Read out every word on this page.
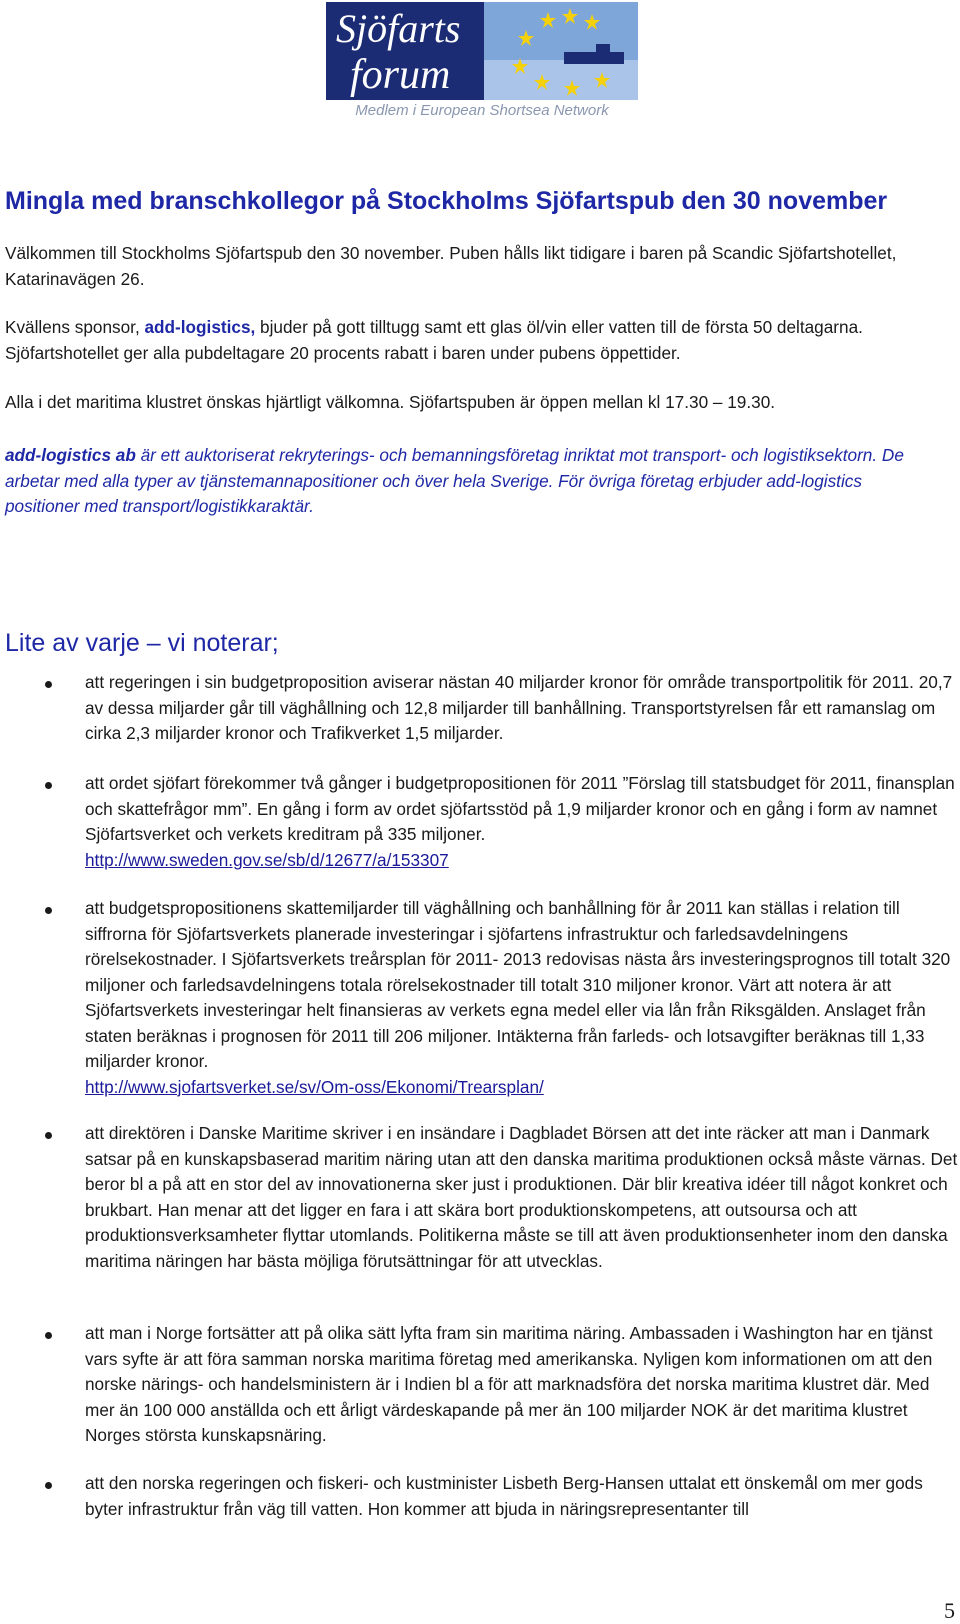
Sjöfarts
forum
Medlem i European Shortsea Network
Mingla med branschkollegor på Stockholms Sjöfartspub den 30 november

Välkommen till Stockholms Sjöfartspub den 30 november. Puben hålls likt tidigare i baren på Scandic Sjöfartshotellet, Katarinavägen 26.

Kvällens sponsor, add-logistics, bjuder på gott tilltugg samt ett glas öl/vin eller vatten till de första 50 deltagarna. Sjöfartshotellet ger alla pubdeltagare 20 procents rabatt i baren under pubens öppettider.

Alla i det maritima klustret önskas hjärtligt välkomna. Sjöfartspuben är öppen mellan kl 17.30 – 19.30.

add-logistics ab är ett auktoriserat rekryterings- och bemanningsföretag inriktat mot transport- och logistiksektorn. De arbetar med alla typer av tjänstemannapositioner och över hela Sverige. För övriga företag erbjuder add-logistics positioner med transport/logistikkaraktär.

Lite av varje – vi noterar;
att regeringen i sin budgetproposition aviserar nästan 40 miljarder kronor för område transportpolitik för 2011. 20,7 av dessa miljarder går till väghållning och 12,8 miljarder till banhållning. Transportstyrelsen får ett ramanslag om cirka 2,3 miljarder kronor och Trafikverket 1,5 miljarder.
att ordet sjöfart förekommer två gånger i budgetpropositionen för 2011 ”Förslag till statsbudget för 2011, finansplan och skattefrågor mm”. En gång i form av ordet sjöfartsstöd på 1,9 miljarder kronor och en gång i form av namnet Sjöfartsverket och verkets kreditram på 335 miljoner.
http://www.sweden.gov.se/sb/d/12677/a/153307
att budgetspropositionens skattemiljarder till väghållning och banhållning för år 2011 kan ställas i relation till siffrorna för Sjöfartsverkets planerade investeringar i sjöfartens infrastruktur och farledsavdelningens rörelsekostnader. I Sjöfartsverkets treårsplan för 2011- 2013 redovisas nästa års investeringsprognos till totalt 320 miljoner och farledsavdelningens totala rörelsekostnader till totalt 310 miljoner kronor. Värt att notera är att Sjöfartsverkets investeringar helt finansieras av verkets egna medel eller via lån från Riksgälden. Anslaget från staten beräknas i prognosen för 2011 till 206 miljoner. Intäkterna från farleds- och lotsavgifter beräknas till 1,33 miljarder kronor.
http://www.sjofartsverket.se/sv/Om-oss/Ekonomi/Trearsplan/
att direktören i Danske Maritime skriver i en insändare i Dagbladet Börsen att det inte räcker att man i Danmark satsar på en kunskapsbaserad maritim näring utan att den danska maritima produktionen också måste värnas. Det beror bl a på att en stor del av innovationerna sker just i produktionen. Där blir kreativa idéer till något konkret och brukbart. Han menar att det ligger en fara i att skära bort produktionskompetens, att outsoursa och att produktionsverksamheter flyttar utomlands. Politikerna måste se till att även produktionsenheter inom den danska maritima näringen har bästa möjliga förutsättningar för att utvecklas.
att man i Norge fortsätter att på olika sätt lyfta fram sin maritima näring. Ambassaden i Washington har en tjänst vars syfte är att föra samman norska maritima företag med amerikanska. Nyligen kom informationen om att den norske närings- och handelsministern är i Indien bl a för att marknadsföra det norska maritima klustret där. Med mer än 100 000 anställda och ett årligt värdeskapande på mer än 100 miljarder NOK är det maritima klustret Norges största kunskapsnäring.
att den norska regeringen och fiskeri- och kustminister Lisbeth Berg-Hansen uttalat ett önskemål om mer gods byter infrastruktur från väg till vatten. Hon kommer att bjuda in näringsrepresentanter till
5
